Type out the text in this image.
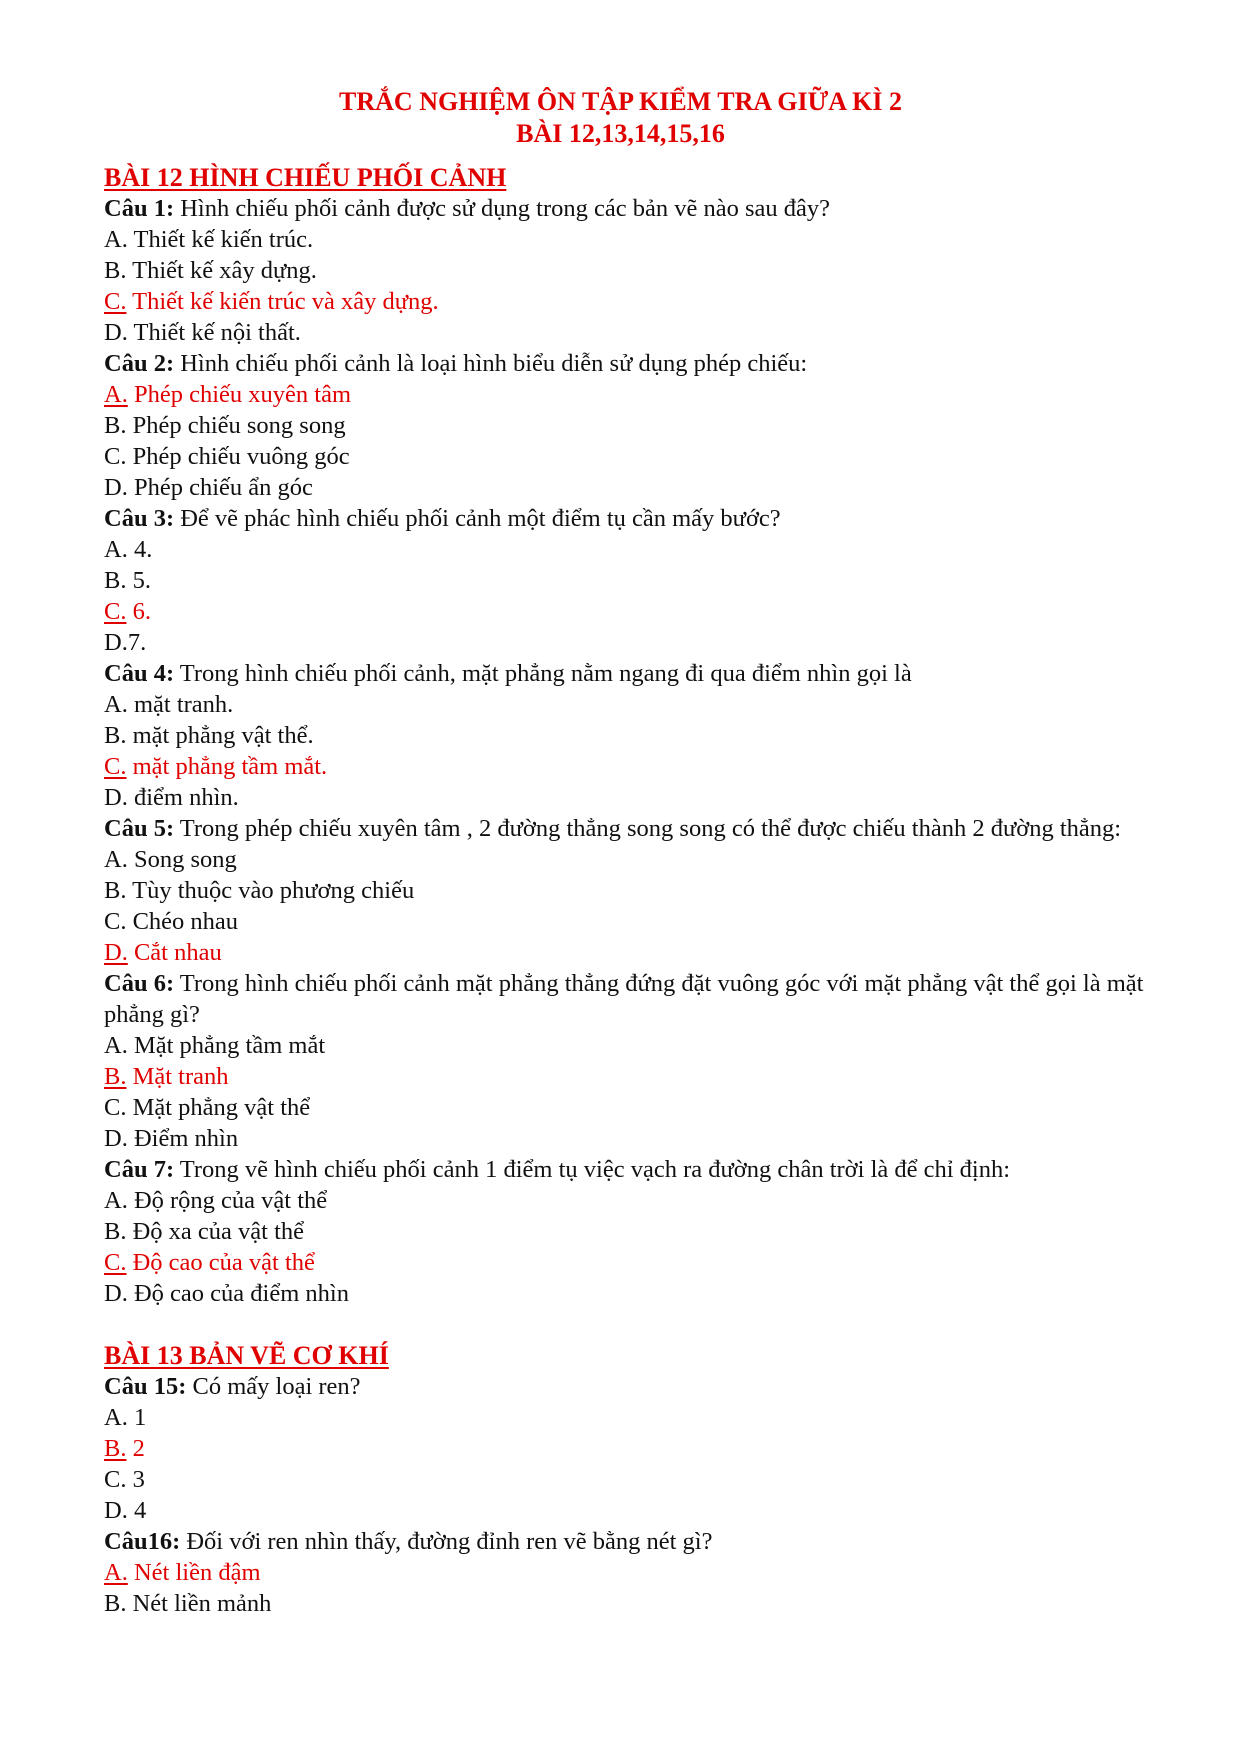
TRẮC NGHIỆM ÔN TẬP KIỂM TRA GIỮA KÌ 2
BÀI 12,13,14,15,16
BÀI 12 HÌNH CHIẾU PHỐI CẢNH
Câu 1: Hình chiếu phối cảnh được sử dụng trong các bản vẽ nào sau đây?
A. Thiết kế kiến trúc.
B. Thiết kế xây dựng.
C. Thiết kế kiến trúc và xây dựng.
D. Thiết kế nội thất.
Câu 2: Hình chiếu phối cảnh là loại hình biểu diễn sử dụng phép chiếu:
A. Phép chiếu xuyên tâm
B. Phép chiếu song song
C. Phép chiếu vuông góc
D. Phép chiếu ẩn góc
Câu 3: Để vẽ phác hình chiếu phối cảnh một điểm tụ cần mấy bước?
A. 4.
B. 5.
C. 6.
D.7.
Câu 4: Trong hình chiếu phối cảnh, mặt phẳng nằm ngang đi qua điểm nhìn gọi là
A. mặt tranh.
B. mặt phẳng vật thể.
C. mặt phẳng tầm mắt.
D. điểm nhìn.
Câu 5: Trong phép chiếu xuyên tâm , 2 đường thẳng song song có thể được chiếu thành 2 đường thẳng:
A. Song song
B. Tùy thuộc vào phương chiếu
C. Chéo nhau
D. Cắt nhau
Câu 6: Trong hình chiếu phối cảnh mặt phẳng thẳng đứng đặt vuông góc với mặt phẳng vật thể gọi là mặt phẳng gì?
A. Mặt phẳng tầm mắt
B. Mặt tranh
C. Mặt phẳng vật thể
D. Điểm nhìn
Câu 7: Trong vẽ hình chiếu phối cảnh 1 điểm tụ việc vạch ra đường chân trời là để chỉ định:
A. Độ rộng của vật thể
B. Độ xa của vật thể
C. Độ cao của vật thể
D. Độ cao của điểm nhìn
BÀI 13 BẢN VẼ CƠ KHÍ
Câu 15: Có mấy loại ren?
A. 1
B. 2
C. 3
D. 4
Câu16: Đối với ren nhìn thấy, đường đỉnh ren vẽ bằng nét gì?
A. Nét liền đậm
B. Nét liền mảnh
